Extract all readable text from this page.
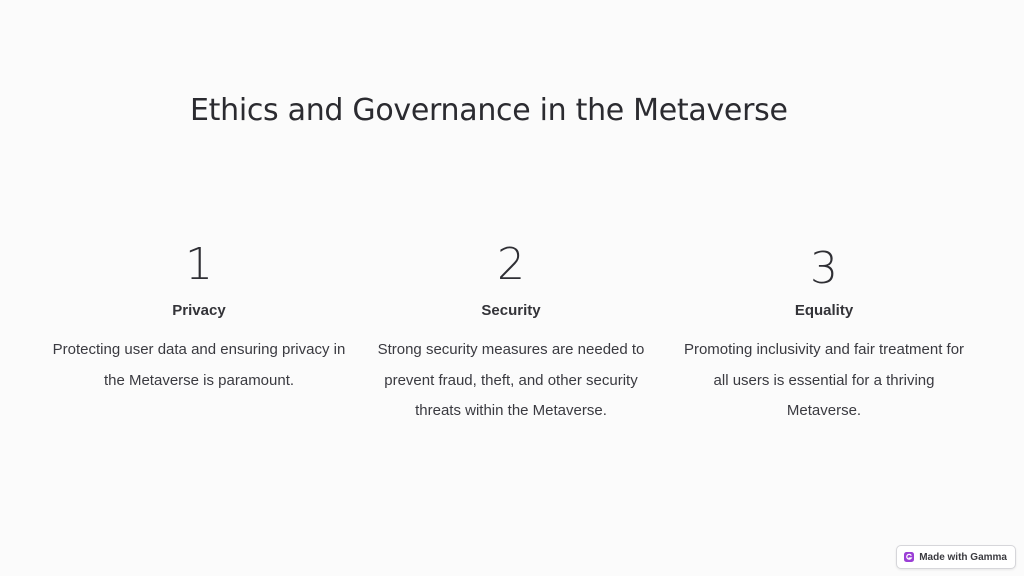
Ethics and Governance in the Metaverse
1
Privacy
Protecting user data and ensuring privacy in the Metaverse is paramount.
2
Security
Strong security measures are needed to prevent fraud, theft, and other security threats within the Metaverse.
3
Equality
Promoting inclusivity and fair treatment for all users is essential for a thriving Metaverse.
Made with Gamma
